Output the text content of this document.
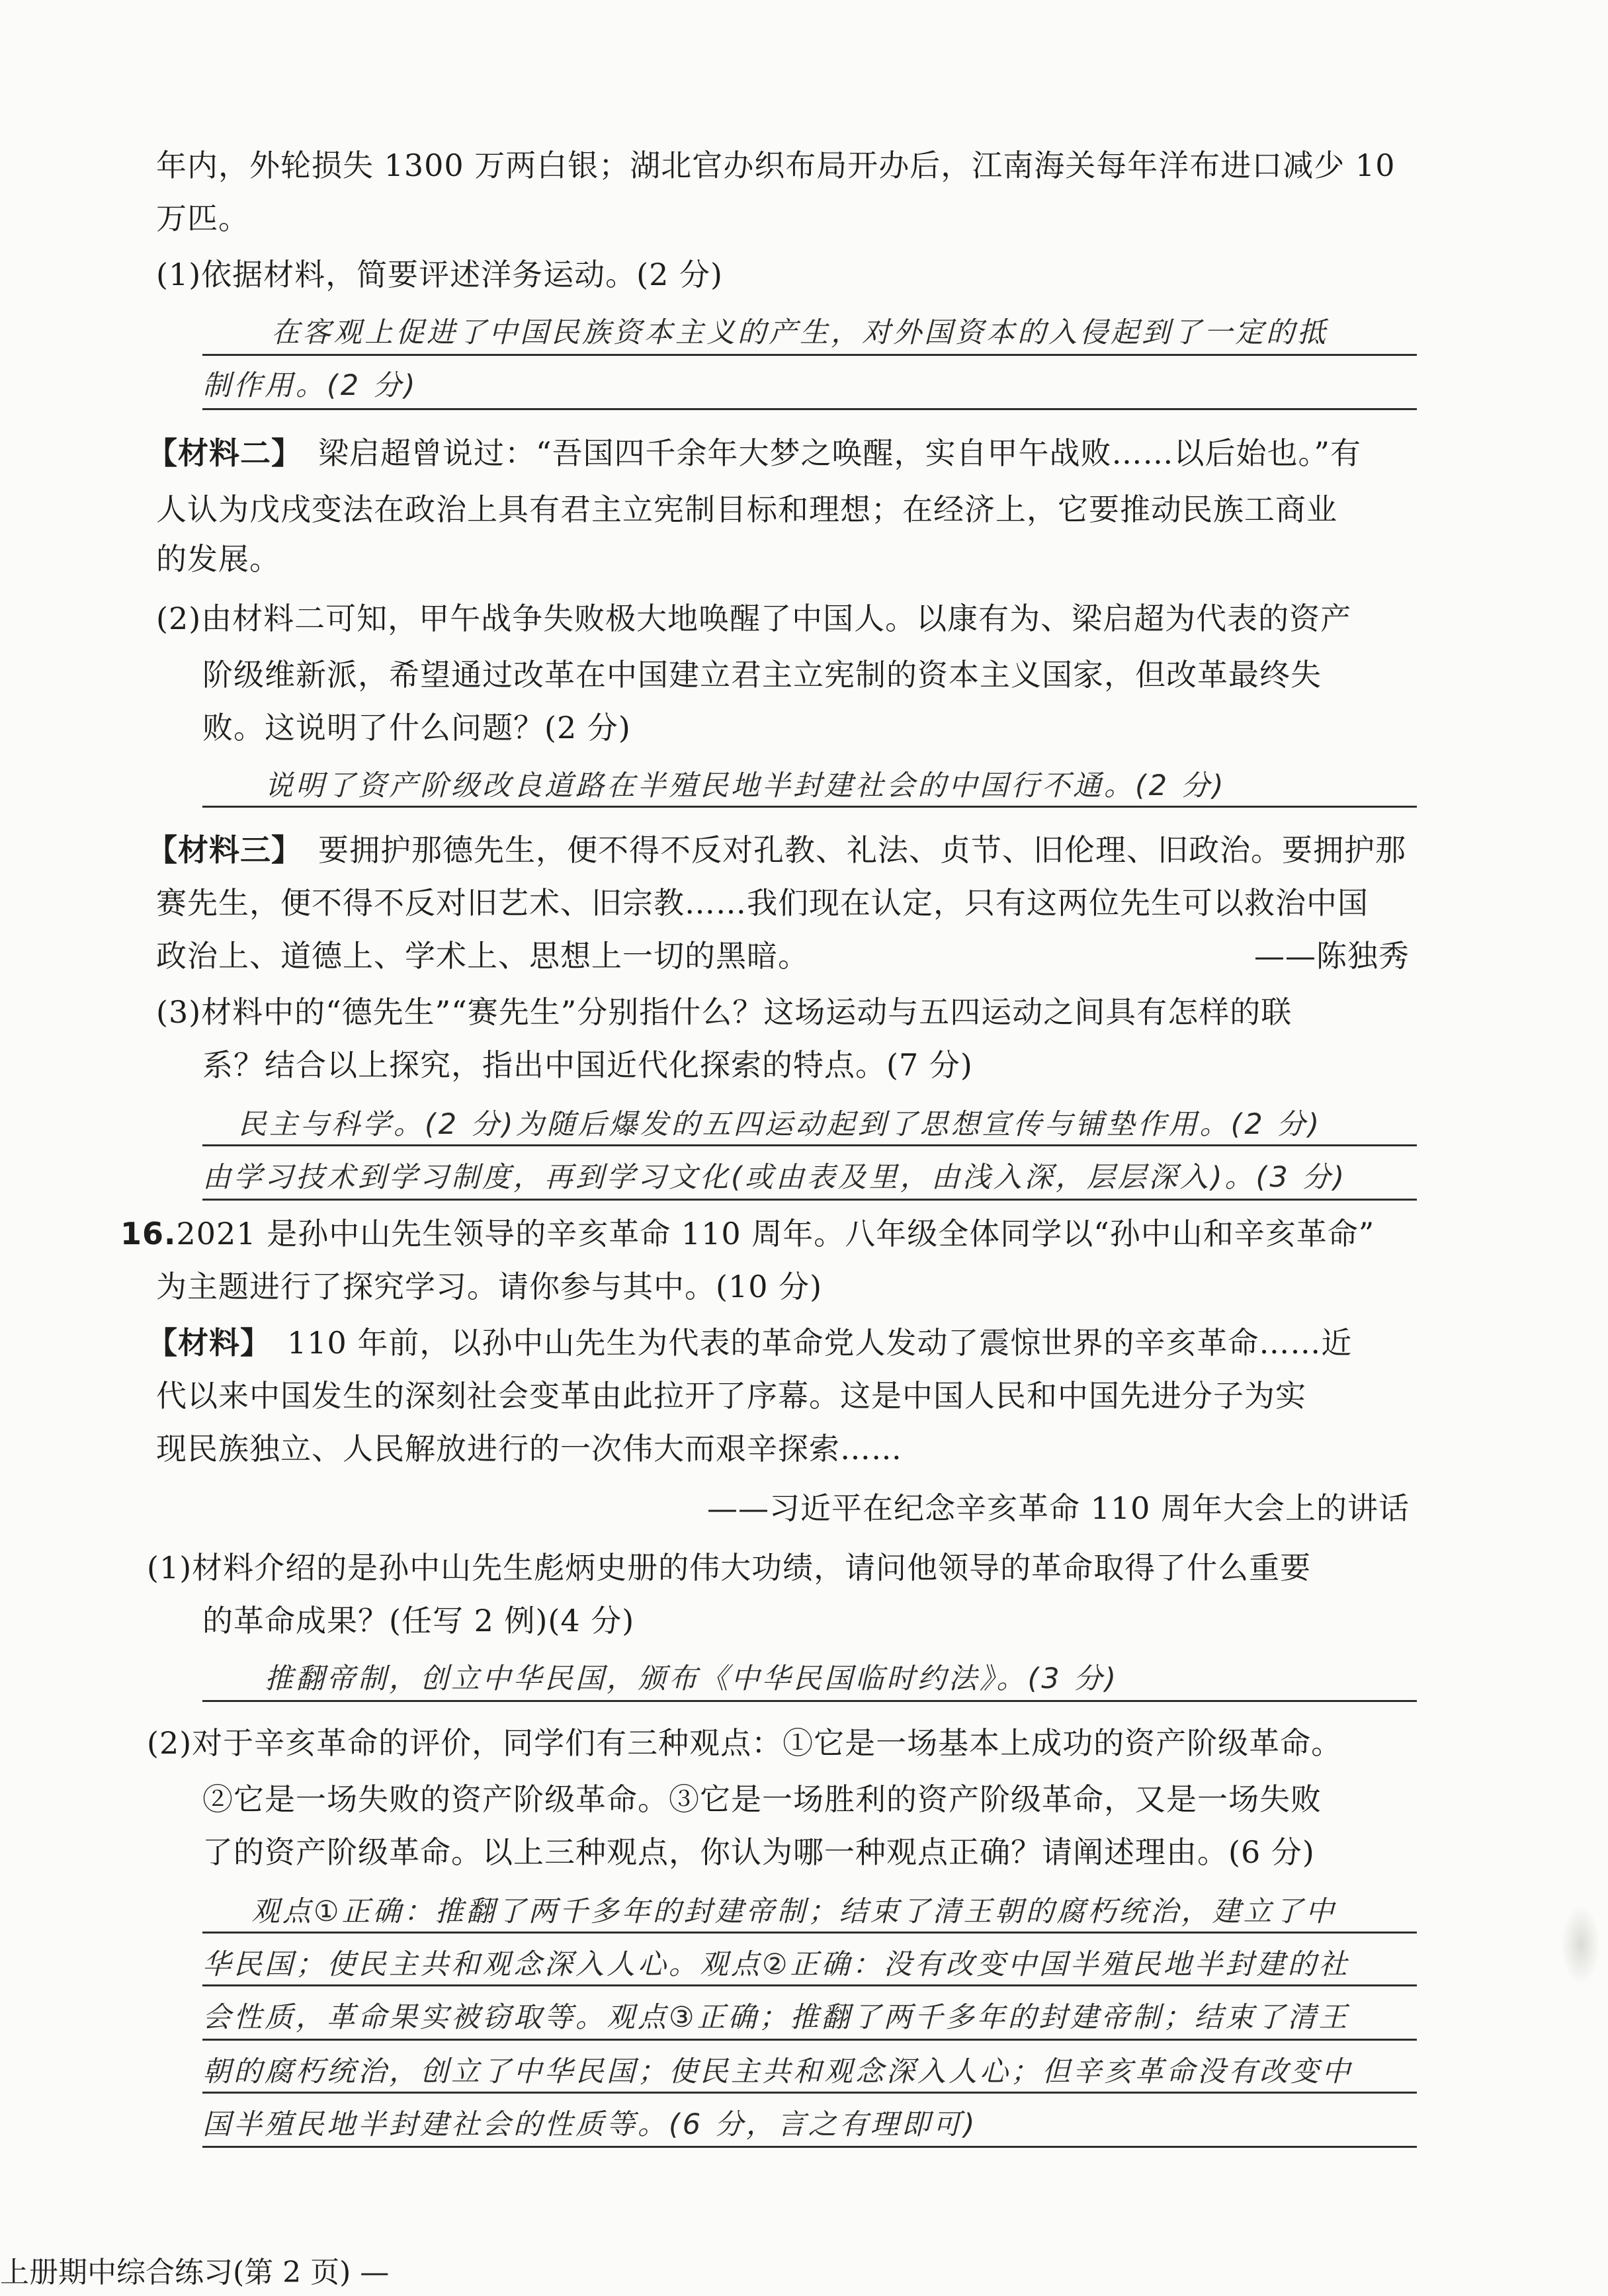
年内，外轮损失 1300 万两白银；湖北官办织布局开办后，江南海关每年洋布进口减少 10
万匹。
(1)依据材料，简要评述洋务运动。(2 分)
在客观上促进了中国民族资本主义的产生，对外国资本的入侵起到了一定的抵
制作用。(2 分)
【材料二】 梁启超曾说过：“吾国四千余年大梦之唤醒，实自甲午战败……以后始也。”有
人认为戊戌变法在政治上具有君主立宪制目标和理想；在经济上，它要推动民族工商业
的发展。
(2)由材料二可知，甲午战争失败极大地唤醒了中国人。以康有为、梁启超为代表的资产
阶级维新派，希望通过改革在中国建立君主立宪制的资本主义国家，但改革最终失
败。这说明了什么问题？(2 分)
说明了资产阶级改良道路在半殖民地半封建社会的中国行不通。(2 分)
【材料三】 要拥护那德先生，便不得不反对孔教、礼法、贞节、旧伦理、旧政治。要拥护那
赛先生，便不得不反对旧艺术、旧宗教……我们现在认定，只有这两位先生可以救治中国
政治上、道德上、学术上、思想上一切的黑暗。	——陈独秀
(3)材料中的“德先生”“赛先生”分别指什么？这场运动与五四运动之间具有怎样的联
系？结合以上探究，指出中国近代化探索的特点。(7 分)
民主与科学。(2 分)为随后爆发的五四运动起到了思想宣传与铺垫作用。(2 分)
由学习技术到学习制度，再到学习文化(或由表及里，由浅入深，层层深入)。(3 分)
16.2021 是孙中山先生领导的辛亥革命 110 周年。八年级全体同学以“孙中山和辛亥革命”
为主题进行了探究学习。请你参与其中。(10 分)
【材料】 110 年前，以孙中山先生为代表的革命党人发动了震惊世界的辛亥革命……近
代以来中国发生的深刻社会变革由此拉开了序幕。这是中国人民和中国先进分子为实
现民族独立、人民解放进行的一次伟大而艰辛探索……
——习近平在纪念辛亥革命 110 周年大会上的讲话
(1)材料介绍的是孙中山先生彪炳史册的伟大功绩，请问他领导的革命取得了什么重要
的革命成果？(任写 2 例)(4 分)
推翻帝制，创立中华民国，颁布《中华民国临时约法》。(3 分)
(2)对于辛亥革命的评价，同学们有三种观点：①它是一场基本上成功的资产阶级革命。
②它是一场失败的资产阶级革命。③它是一场胜利的资产阶级革命，又是一场失败
了的资产阶级革命。以上三种观点，你认为哪一种观点正确？请阐述理由。(6 分)
观点①正确：推翻了两千多年的封建帝制；结束了清王朝的腐朽统治，建立了中
华民国；使民主共和观念深入人心。观点②正确：没有改变中国半殖民地半封建的社
会性质，革命果实被窃取等。观点③正确；推翻了两千多年的封建帝制；结束了清王
朝的腐朽统治，创立了中华民国；使民主共和观念深入人心；但辛亥革命没有改变中
国半殖民地半封建社会的性质等。(6 分，言之有理即可)
上册期中综合练习(第 2 页) —
